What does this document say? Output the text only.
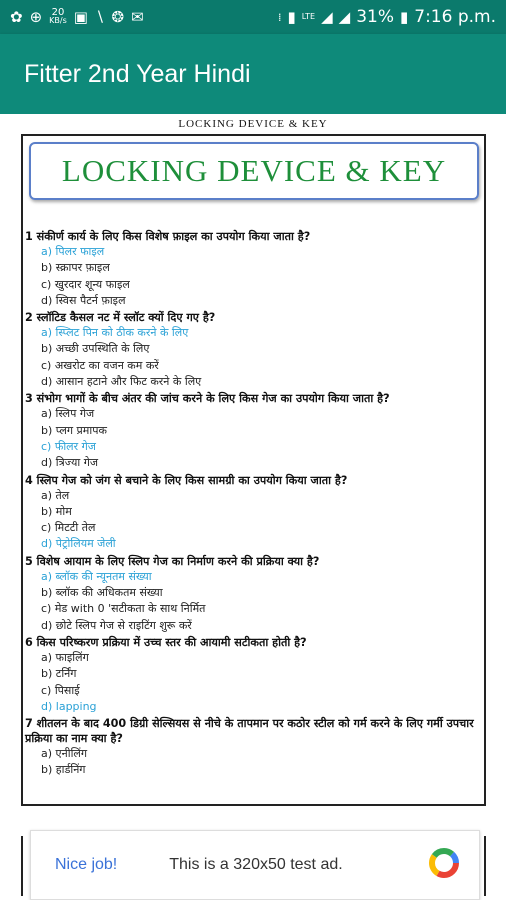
✿ ⊕ 20
KB/s ▣ ∖ ❂ ✉	⁞ ▮ LTE ◢ ◢ 31% ▮ 7:16 p.m.
Fitter 2nd Year Hindi
LOCKING DEVICE & KEY
LOCKING DEVICE & KEY
1 संकीर्ण कार्य के लिए किस विशेष फ़ाइल का उपयोग किया जाता है?
a) पिलर फाइल
b) स्क्रापर फ़ाइल
c) खुरदार शून्य फाइल
d) स्विस पैटर्न फ़ाइल
2 स्लॉटिड कैसल नट में स्लॉट क्यों दिए गए है?
a) स्प्लिट पिन को ठीक करने के लिए
b) अच्छी उपस्थिति के लिए
c) अखरोट का वजन कम करें
d) आसान हटाने और फिट करने के लिए
3 संभोग भागों के बीच अंतर की जांच करने के लिए किस गेज का उपयोग किया जाता है?
a) स्लिप गेज
b) प्लग प्रमापक
c) फीलर गेज
d) त्रिज्या गेज
4 स्लिप गेज को जंग से बचाने के लिए किस सामग्री का उपयोग किया जाता है?
a) तेल
b) मोम
c) मिटटी तेल
d) पेट्रोलियम जेली
5 विशेष आयाम के लिए स्लिप गेज का निर्माण करने की प्रक्रिया क्या है?
a) ब्लॉक की न्यूनतम संख्या
b) ब्लॉक की अधिकतम संख्या
c) मेड with 0 'सटीकता के साथ निर्मित
d) छोटे स्लिप गेज से राइटिंग शुरू करें
6 किस परिष्करण प्रक्रिया में उच्च स्तर की आयामी सटीकता होती है?
a) फाइलिंग
b) टर्निंग
c) पिसाई
d) lapping
7 शीतलन के बाद 400 डिग्री सेल्सियस से नीचे के तापमान पर कठोर स्टील को गर्म करने के लिए गर्मी उपचार प्रक्रिया का नाम क्या है?
a) एनीलिंग
b) हार्डनिंग
Nice job!	This is a 320x50 test ad.
